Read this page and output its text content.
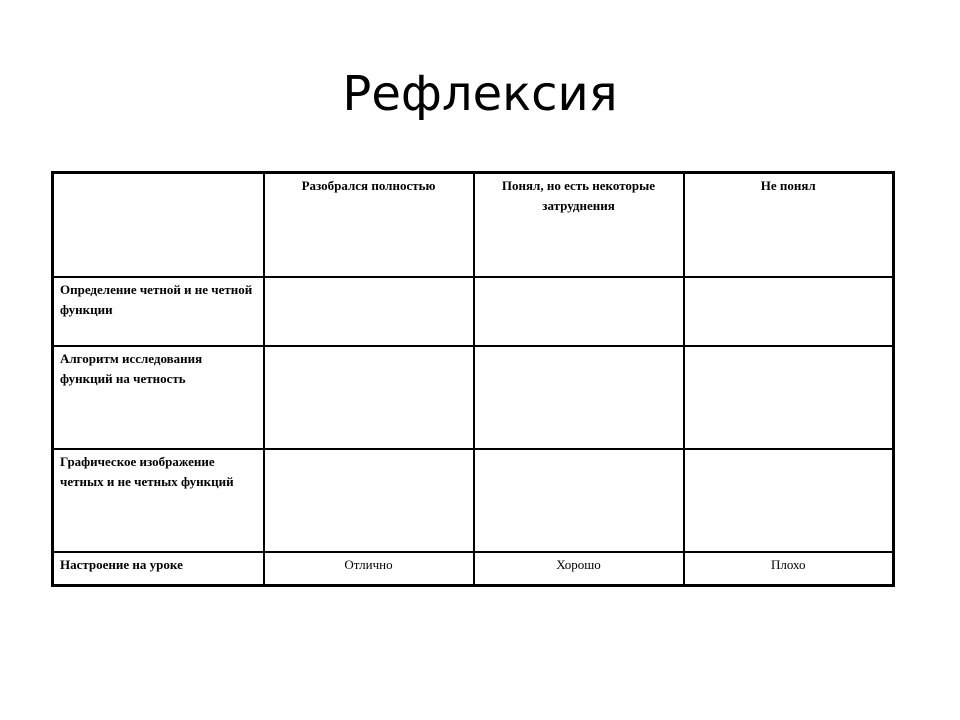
Рефлексия
	Разобрался полностью	Понял, но есть некоторые затруднения	Не понял
Определение четной и не четной функции			
Алгоритм исследования функций на четность			
Графическое изображение четных и не четных функций			
Настроение на уроке	Отлично	Хорошо	Плохо
